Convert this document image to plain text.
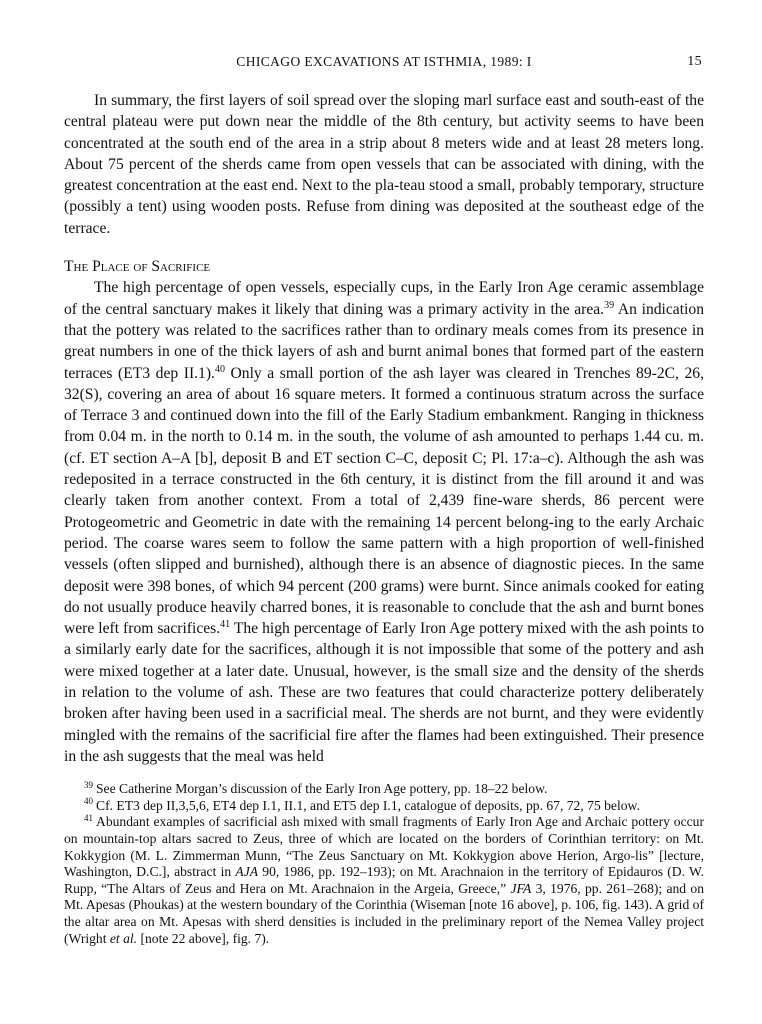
CHICAGO EXCAVATIONS AT ISTHMIA, 1989: I	15

In summary, the first layers of soil spread over the sloping marl surface east and south-east of the central plateau were put down near the middle of the 8th century, but activity seems to have been concentrated at the south end of the area in a strip about 8 meters wide and at least 28 meters long. About 75 percent of the sherds came from open vessels that can be associated with dining, with the greatest concentration at the east end. Next to the pla-teau stood a small, probably temporary, structure (possibly a tent) using wooden posts. Refuse from dining was deposited at the southeast edge of the terrace.

The Place of Sacrifice

The high percentage of open vessels, especially cups, in the Early Iron Age ceramic assemblage of the central sanctuary makes it likely that dining was a primary activity in the area.$^{39}$ An indication that the pottery was related to the sacrifices rather than to ordinary meals comes from its presence in great numbers in one of the thick layers of ash and burnt animal bones that formed part of the eastern terraces (ET3 dep II.1).$^{40}$ Only a small portion of the ash layer was cleared in Trenches 89-2C, 26, 32(S), covering an area of about 16 square meters. It formed a continuous stratum across the surface of Terrace 3 and continued down into the fill of the Early Stadium embankment. Ranging in thickness from 0.04 m. in the north to 0.14 m. in the south, the volume of ash amounted to perhaps 1.44 cu. m. (cf. ET section A–A [b], deposit B and ET section C–C, deposit C; Pl. 17:a–c). Although the ash was redeposited in a terrace constructed in the 6th century, it is distinct from the fill around it and was clearly taken from another context. From a total of 2,439 fine-ware sherds, 86 percent were Protogeometric and Geometric in date with the remaining 14 percent belong-ing to the early Archaic period. The coarse wares seem to follow the same pattern with a high proportion of well-finished vessels (often slipped and burnished), although there is an absence of diagnostic pieces. In the same deposit were 398 bones, of which 94 percent (200 grams) were burnt. Since animals cooked for eating do not usually produce heavily charred bones, it is reasonable to conclude that the ash and burnt bones were left from sacrifices.$^{41}$ The high percentage of Early Iron Age pottery mixed with the ash points to a similarly early date for the sacrifices, although it is not impossible that some of the pottery and ash were mixed together at a later date. Unusual, however, is the small size and the density of the sherds in relation to the volume of ash. These are two features that could characterize pottery deliberately broken after having been used in a sacrificial meal. The sherds are not burnt, and they were evidently mingled with the remains of the sacrificial fire after the flames had been extinguished. Their presence in the ash suggests that the meal was held

$^{39}$ See Catherine Morgan’s discussion of the Early Iron Age pottery, pp. 18–22 below.

$^{40}$ Cf. ET3 dep II,3,5,6, ET4 dep I.1, II.1, and ET5 dep I.1, catalogue of deposits, pp. 67, 72, 75 below.

$^{41}$ Abundant examples of sacrificial ash mixed with small fragments of Early Iron Age and Archaic pottery occur on mountain-top altars sacred to Zeus, three of which are located on the borders of Corinthian territory: on Mt. Kokkygion (M. L. Zimmerman Munn, “The Zeus Sanctuary on Mt. Kokkygion above Herion, Argo-lis” [lecture, Washington, D.C.], abstract in AJA 90, 1986, pp. 192–193); on Mt. Arachnaion in the territory of Epidauros (D. W. Rupp, “The Altars of Zeus and Hera on Mt. Arachnaion in the Argeia, Greece,” JFA 3, 1976, pp. 261–268); and on Mt. Apesas (Phoukas) at the western boundary of the Corinthia (Wiseman [note 16 above], p. 106, fig. 143). A grid of the altar area on Mt. Apesas with sherd densities is included in the preliminary report of the Nemea Valley project (Wright et al. [note 22 above], fig. 7).
